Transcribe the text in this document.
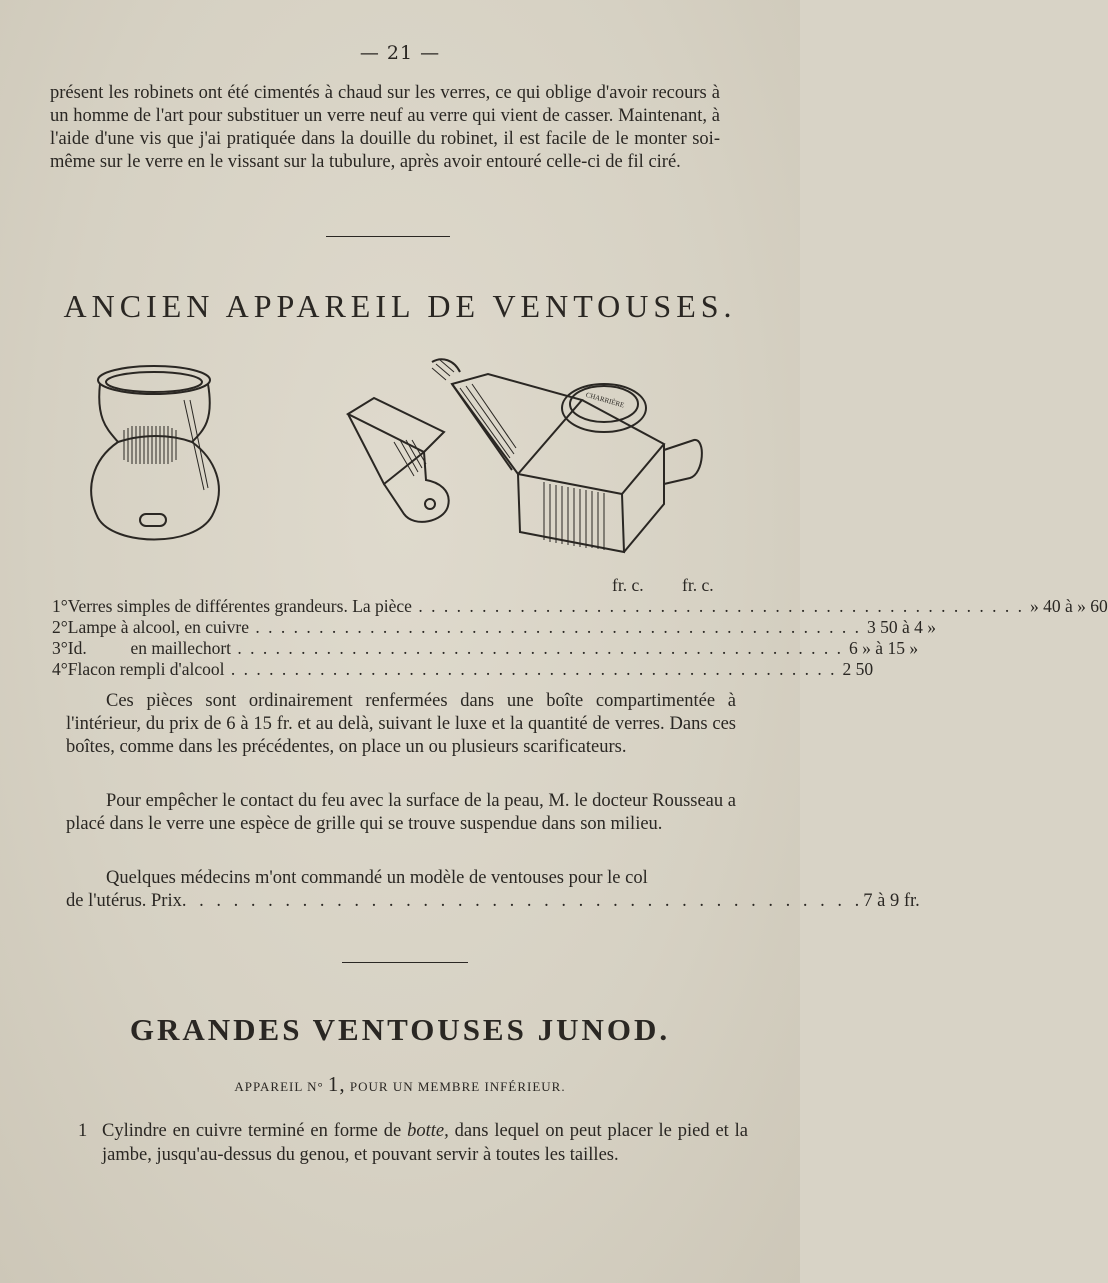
— 21 —
présent les robinets ont été cimentés à chaud sur les verres, ce qui oblige d'avoir recours à un homme de l'art pour substituer un verre neuf au verre qui vient de casser. Maintenant, à l'aide d'une vis que j'ai pratiquée dans la douille du robinet, il est facile de le monter soi-même sur le verre en le vissant sur la tubulure, après avoir entouré celle-ci de fil ciré.
ANCIEN APPAREIL DE VENTOUSES.
CHARRIÈRE
fr. c. fr. c.
1° Verres simples de différentes grandeurs. La pièce . . .	» 40 à » 60
2° Lampe à alcool, en cuivre . . .	3 50 à 4 »
3° Id.          en maillechort . . .	6 » à 15 »
4° Flacon rempli d'alcool . . .	2 50
Ces pièces sont ordinairement renfermées dans une boîte compartimentée à l'intérieur, du prix de 6 à 15 fr. et au delà, suivant le luxe et la quantité de verres. Dans ces boîtes, comme dans les précédentes, on place un ou plusieurs scarificateurs.
Pour empêcher le contact du feu avec la surface de la peau, M. le docteur Rousseau a placé dans le verre une espèce de grille qui se trouve suspendue dans son milieu.
Quelques médecins m'ont commandé un modèle de ventouses pour le col
de l'utérus. Prix . . . . . . . . . . . . . . . . . . . . . . . . . . . . . . . . . . . . . . . . 7 à 9 fr.
GRANDES VENTOUSES JUNOD.
APPAREIL N° 1, POUR UN MEMBRE INFÉRIEUR.
1 Cylindre en cuivre terminé en forme de botte, dans lequel on peut placer le pied et la jambe, jusqu'au-dessus du genou, et pouvant servir à toutes les tailles.
